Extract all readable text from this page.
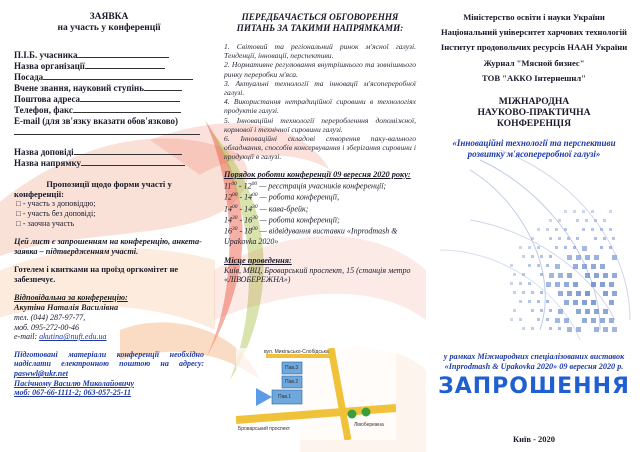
ЗАЯВКА
на участь у конференції
П.І.Б. учасника
Назва організації
Посада
Вчене звання, науковий ступінь
Поштова адреса
Телефон, факс
E-mail (для зв'язку вказати обов'язково)
Назва доповіді
Назва напрямку
Пропозиції щодо форми участі у
конференції:
□ - участь з доповіддю;
□ - участь без доповіді;
□ - заочна участь
Цей лист є запрошенням на конференцію, анкета-заявка – підтвердженням участі.
Готелем і квитками на проїзд оргкомітет не забезпечує.
Відповідальна за конференцію:
Акутіна Наталія Василівна
тел. (044) 287-97-77,
моб. 095-272-00-46
e-mail: akutina@nuft.edu.ua
Підготовані матеріали конференції необхідно надіслати електронною поштою на адресу: paswwl@ukr.net
Пасічному Василю Миколайовичу
моб: 067-66-1111-2; 063-057-25-11
ПЕРЕДБАЧАЄТЬСЯ ОБГОВОРЕННЯ
ПИТАНЬ ЗА ТАКИМИ НАПРЯМКАМИ:
1. Світовий та регіональний ринок м'ясної галузі. Тенденції, інновації, перспективи.
2. Нормативне регулювання внутрішнього та зовнішнього ринку переробки м'яса.
3. Актуальні технології та інновації м'ясопереробної галузі.
4. Використання нетрадиційної сировини в технологіях продуктів галузі.
5. Інноваційні технології переробленння допоміжної, кормової і технічної сировини галузі.
6. Інноваційні складові створення паку-вального обладнання, способів консервування і зберігання сировини і продукції в галузі.
Порядок роботи конференції 09 вересня 2020 року:
$11^{00} - 12^{00}$ — реєстрація учасників конференції;
$12^{00} - 14^{00}$ — робота конференції,
$14^{00} - 14^{30}$ — кава-брейк;
$14^{30} - 16^{30}$ — робота конференції;
$16^{30} - 18^{00}$ — відвідування виставки «Inprodmash & Upakovka 2020»
Місце проведення:
Київ, МВЦ, Броварський проспект, 15 (станція метро «ЛІВОБЕРЕЖНА»)
вул. Микільсько-Слобідська
Пав.3
Пав.2
Пав.1
Броварський проспект
Лівобережна
Міністерство освіти і науки України
Національний університет харчових технологій
Інститут продовольчих ресурсів НААН України
Журнал "Мясной бизнес"
ТОВ "АККО Інтернешнл"
МІЖНАРОДНА
НАУКОВО-ПРАКТИЧНА
КОНФЕРЕНЦІЯ
«Інноваційні технології та перспективи розвитку м'ясопереробної галузі»
у рамках Міжнародних спеціалізованих виставок «Inprodmash & Upakovka 2020» 09 вересня 2020 р.
ЗАПРОШЕННЯ
Київ - 2020
